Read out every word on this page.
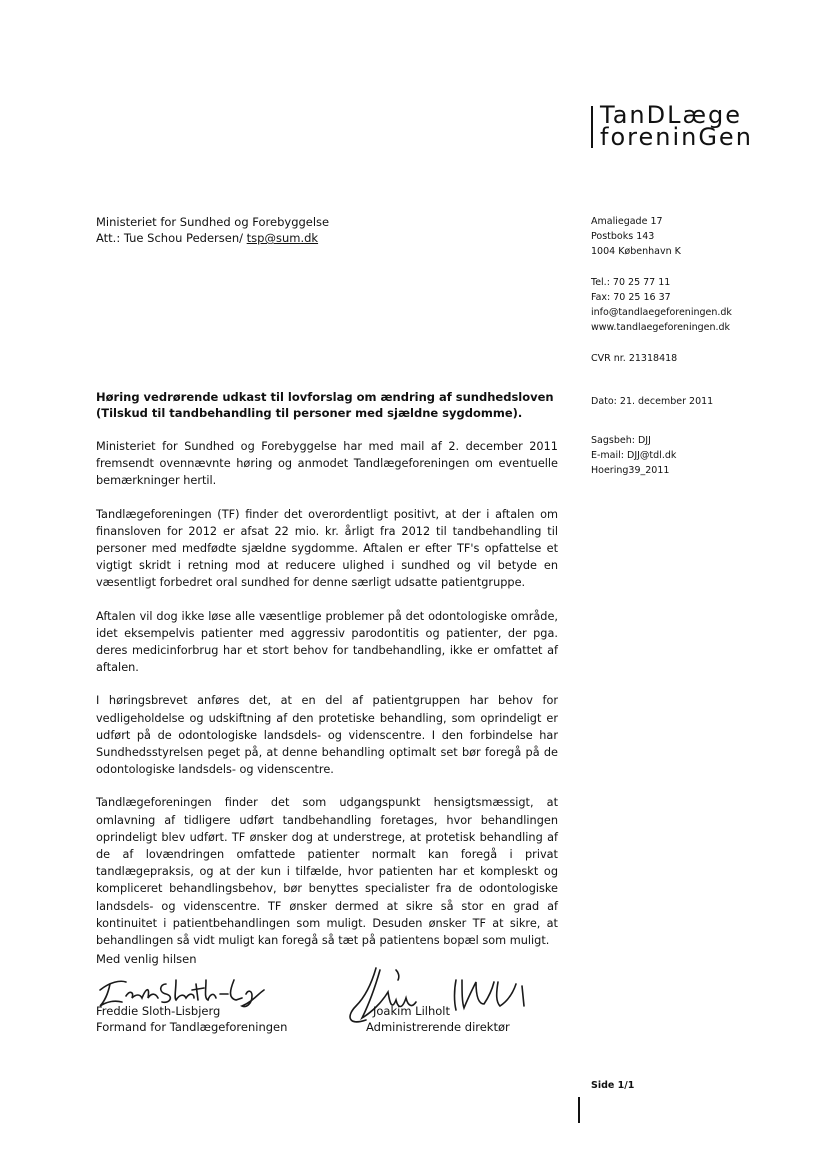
TanDLæge
foreninGen
Ministeriet for Sundhed og Forebyggelse
Att.: Tue Schou Pedersen/ tsp@sum.dk
Amaliegade 17
Postboks 143
1004 København K
Tel.: 70 25 77 11
Fax: 70 25 16 37
info@tandlaegeforeningen.dk
www.tandlaegeforeningen.dk
CVR nr. 21318418
Dato: 21. december 2011
Sagsbeh: DJJ
E-mail: DJJ@tdl.dk
Hoering39_2011
Høring vedrørende udkast til lovforslag om ændring af sundhedsloven
(Tilskud til tandbehandling til personer med sjældne sygdomme).

Ministeriet for Sundhed og Forebyggelse har med mail af 2. december 2011 fremsendt ovennævnte høring og anmodet Tandlægeforeningen om eventuelle bemærkninger hertil.

Tandlægeforeningen (TF) finder det overordentligt positivt, at der i aftalen om finansloven for 2012 er afsat 22 mio. kr. årligt fra 2012 til tandbehandling til personer med medfødte sjældne sygdomme. Aftalen er efter TF's opfattelse et vigtigt skridt i retning mod at reducere ulighed i sundhed og vil betyde en væsentligt forbedret oral sundhed for denne særligt udsatte patientgruppe.

Aftalen vil dog ikke løse alle væsentlige problemer på det odontologiske område, idet eksempelvis patienter med aggressiv parodontitis og patienter, der pga. deres medicinforbrug har et stort behov for tandbehandling, ikke er omfattet af aftalen.

I høringsbrevet anføres det, at en del af patientgruppen har behov for vedligeholdelse og udskiftning af den protetiske behandling, som oprindeligt er udført på de odontologiske landsdels- og videnscentre. I den forbindelse har Sundhedsstyrelsen peget på, at denne behandling optimalt set bør foregå på de odontologiske landsdels- og videnscentre.

Tandlægeforeningen finder det som udgangspunkt hensigtsmæssigt, at omlavning af tidligere udført tandbehandling foretages, hvor behandlingen oprindeligt blev udført. TF ønsker dog at understrege, at protetisk behandling af de af lovændringen omfattede patienter normalt kan foregå i privat tandlægepraksis, og at der kun i tilfælde, hvor patienten har et kompleskt og kompliceret behandlingsbehov, bør benyttes specialister fra de odontologiske landsdels- og videnscentre. TF ønsker dermed at sikre så stor en grad af kontinuitet i patientbehandlingen som muligt. Desuden ønsker TF at sikre, at behandlingen så vidt muligt kan foregå så tæt på patientens bopæl som muligt.

Med venlig hilsen
Freddie Sloth-Lisbjerg
Formand for Tandlægeforeningen
Joakim Lilholt
Administrerende direktør
Side 1/1
